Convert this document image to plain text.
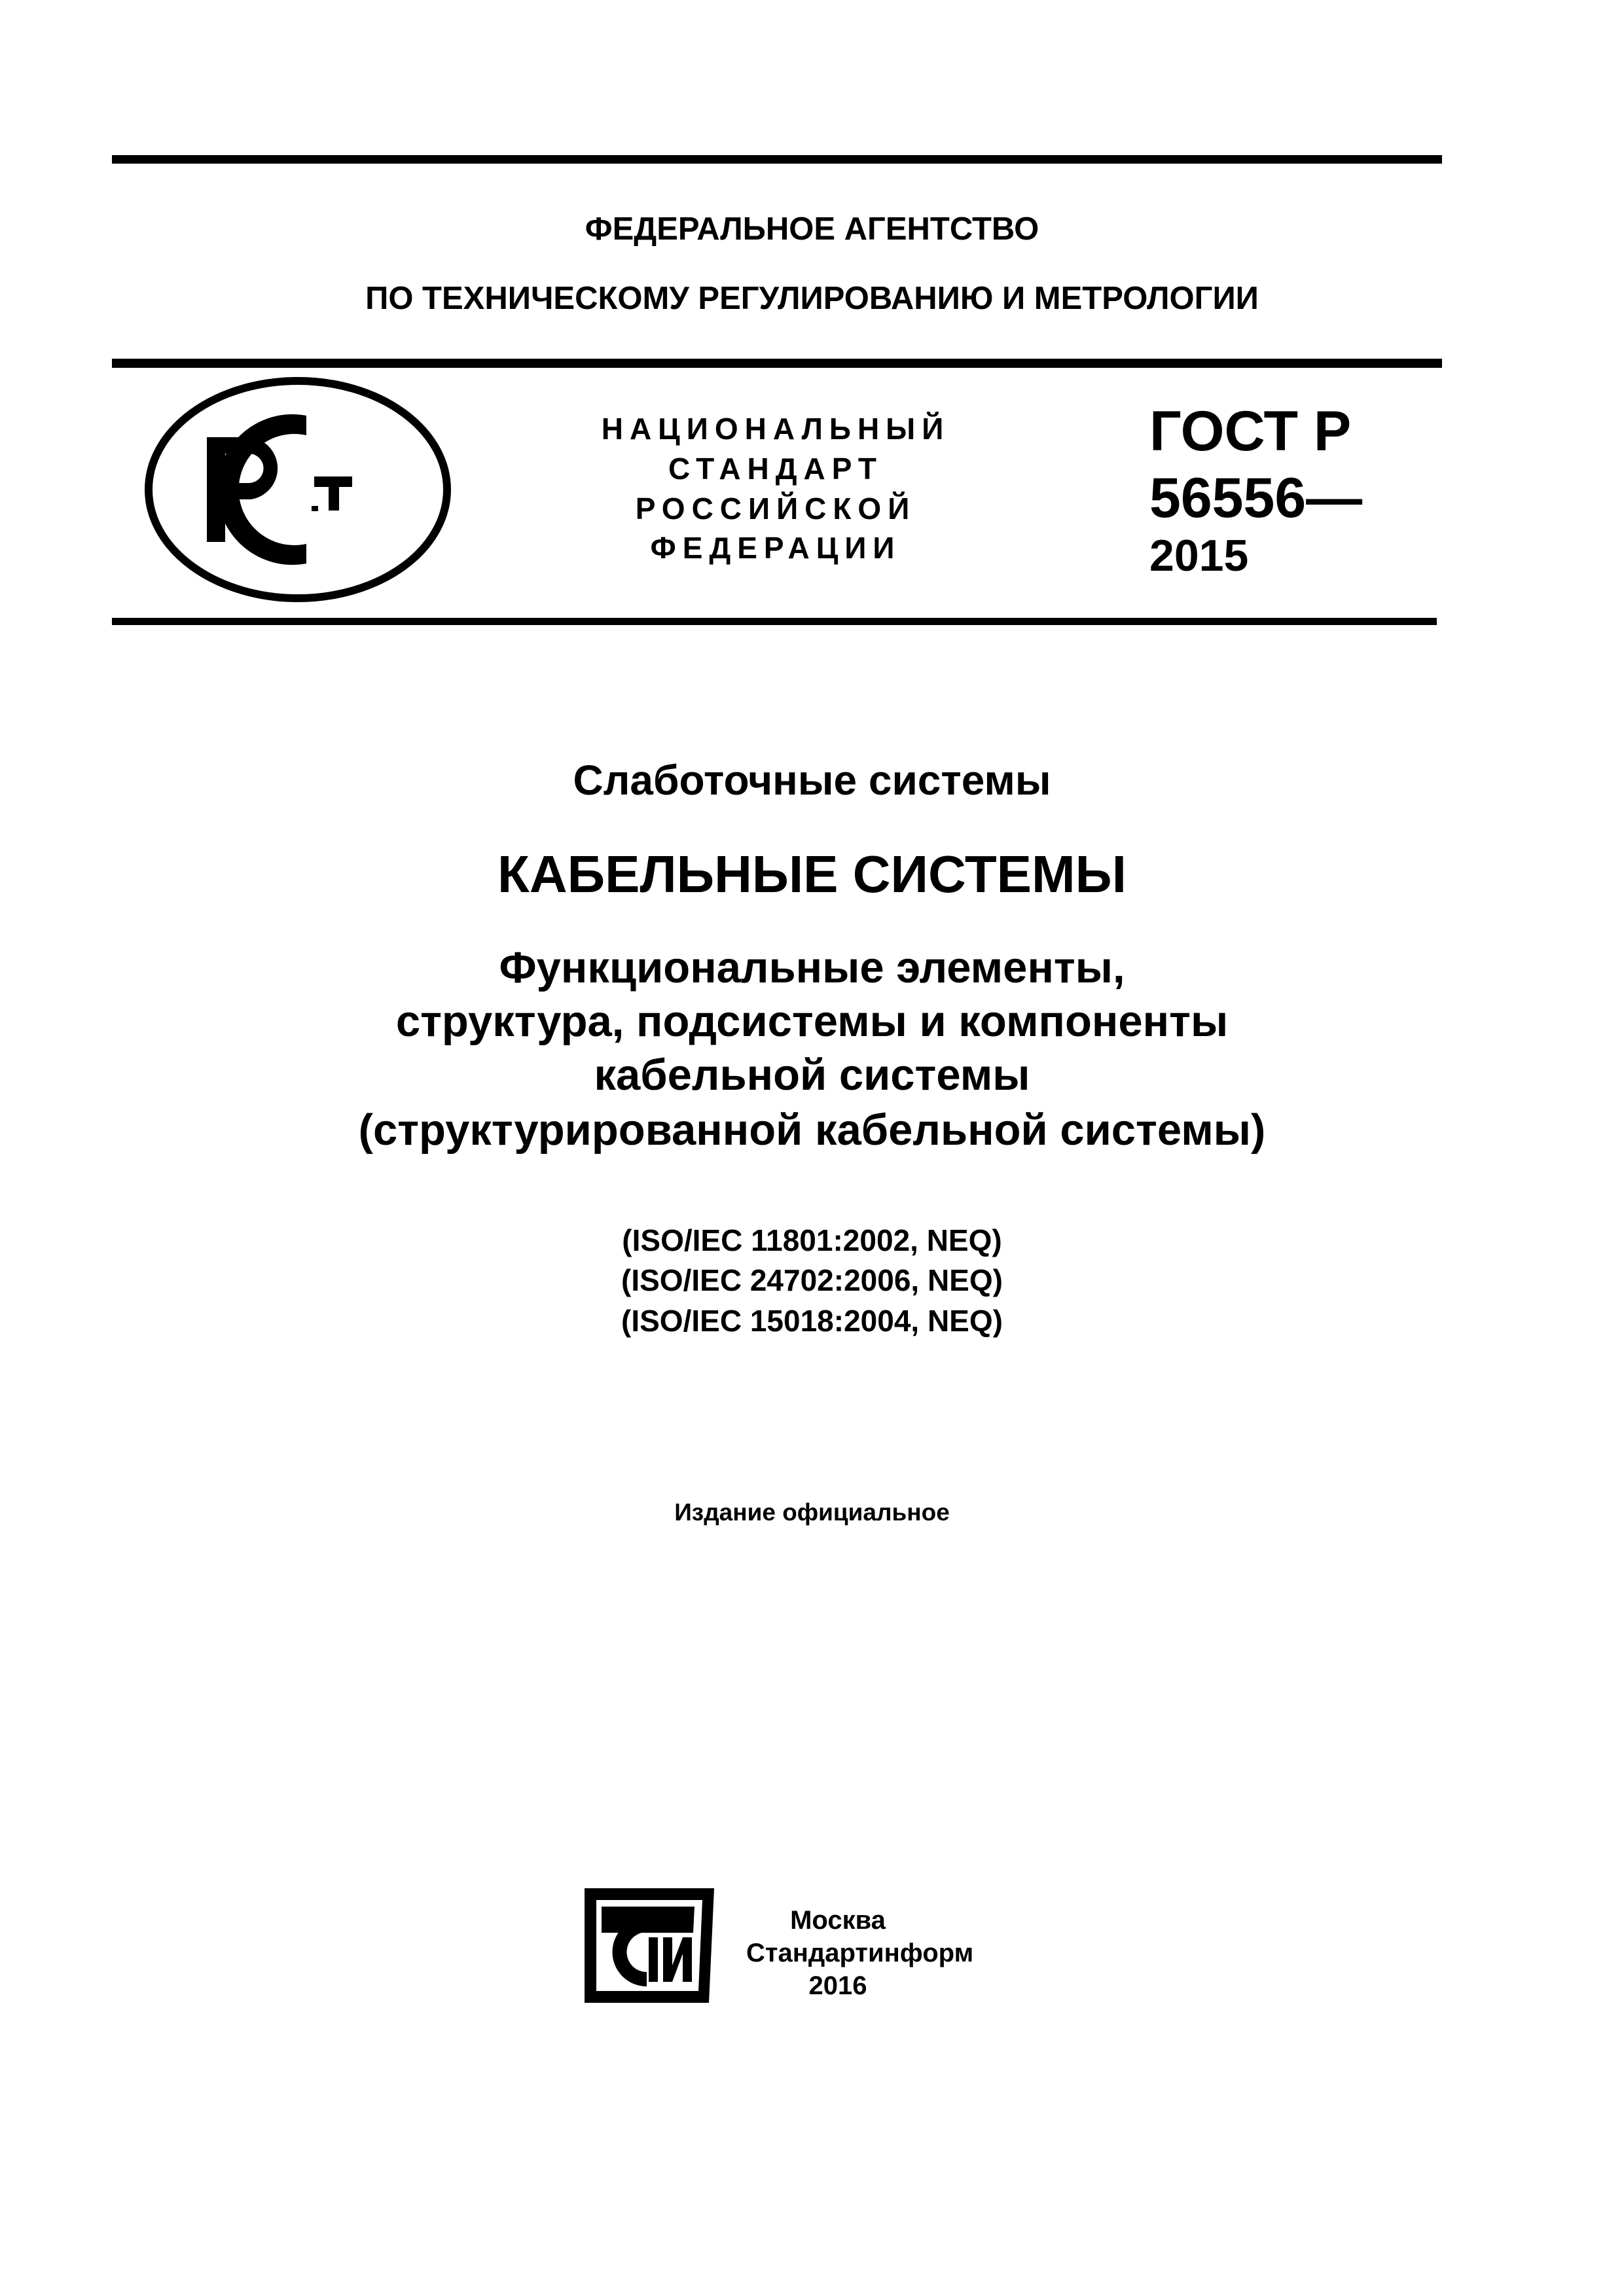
ФЕДЕРАЛЬНОЕ АГЕНТСТВО
ПО ТЕХНИЧЕСКОМУ РЕГУЛИРОВАНИЮ И МЕТРОЛОГИИ
НАЦИОНАЛЬНЫЙ
СТАНДАРТ
РОССИЙСКОЙ
ФЕДЕРАЦИИ
ГОСТ Р
56556—
2015
Слаботочные системы
КАБЕЛЬНЫЕ СИСТЕМЫ
Функциональные элементы,
структура, подсистемы и компоненты
кабельной системы
(структурированной кабельной системы)
(ISO/IEC 11801:2002, NEQ)
(ISO/IEC 24702:2006, NEQ)
(ISO/IEC 15018:2004, NEQ)
Издание официальное
Москва
Стандартинформ
2016
